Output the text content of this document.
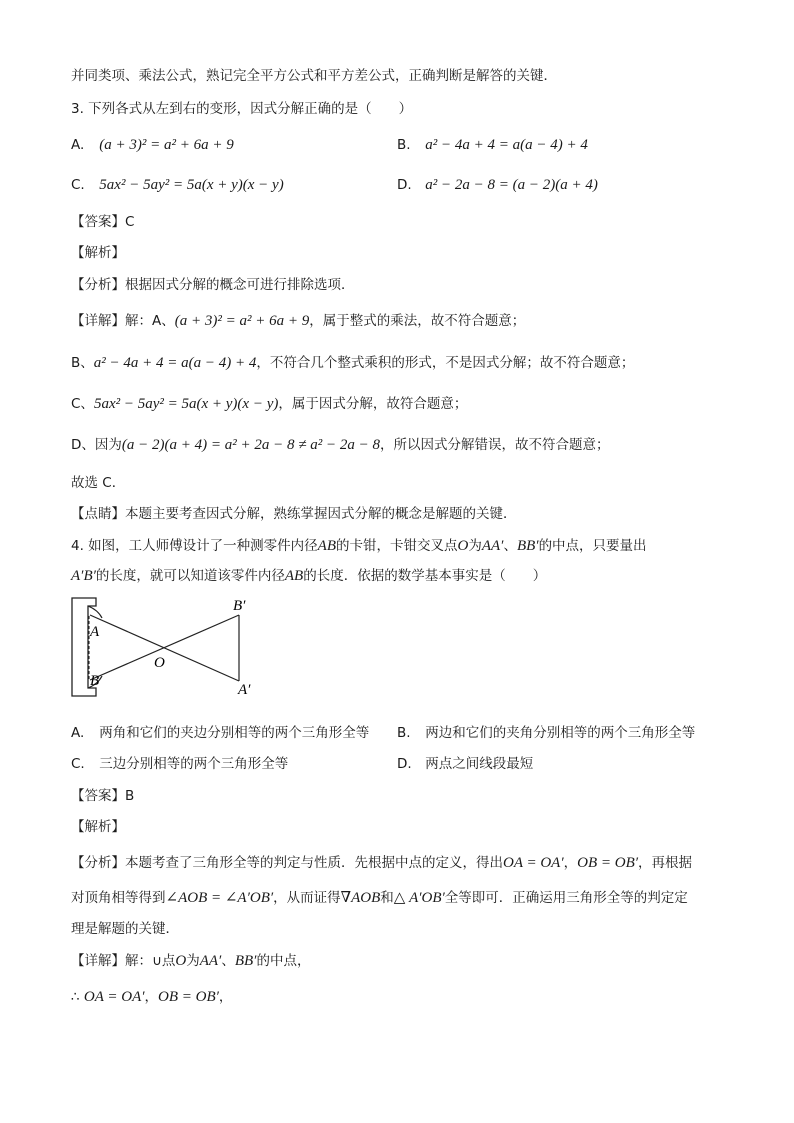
并同类项、乘法公式，熟记完全平方公式和平方差公式，正确判断是解答的关键．
3. 下列各式从左到右的变形，因式分解正确的是（　　）
A. (a + 3)² = a² + 6a + 9	B. a² − 4a + 4 = a(a − 4) + 4
C. 5ax² − 5ay² = 5a(x + y)(x − y)	D. a² − 2a − 8 = (a − 2)(a + 4)
【答案】C
【解析】
【分析】根据因式分解的概念可进行排除选项．
【详解】解：A、(a + 3)² = a² + 6a + 9，属于整式的乘法，故不符合题意；
B、a² − 4a + 4 = a(a − 4) + 4，不符合几个整式乘积的形式，不是因式分解；故不符合题意；
C、5ax² − 5ay² = 5a(x + y)(x − y)，属于因式分解，故符合题意；
D、因为(a − 2)(a + 4) = a² + 2a − 8 ≠ a² − 2a − 8，所以因式分解错误，故不符合题意；
故选 C．
【点睛】本题主要考查因式分解，熟练掌握因式分解的概念是解题的关键．
4. 如图，工人师傅设计了一种测零件内径AB的卡钳，卡钳交叉点O为AA′、BB′的中点，只要量出
A′B′的长度，就可以知道该零件内径AB的长度．依据的数学基本事实是（　　）
A
B
O
B′
A′
A. 两角和它们的夹边分别相等的两个三角形全等 B. 两边和它们的夹角分别相等的两个三角形全等
C. 三边分别相等的两个三角形全等	D. 两点之间线段最短
【答案】B
【解析】
【分析】本题考查了三角形全等的判定与性质．先根据中点的定义，得出OA = OA′，OB = OB′，再根据
对顶角相等得到∠AOB = ∠A′OB′，从而证得∇AOB和△ A′OB′全等即可．正确运用三角形全等的判定定
理是解题的关键．
【详解】解：∪点O为AA′、BB′的中点，
∴ OA = OA′，OB = OB′，
